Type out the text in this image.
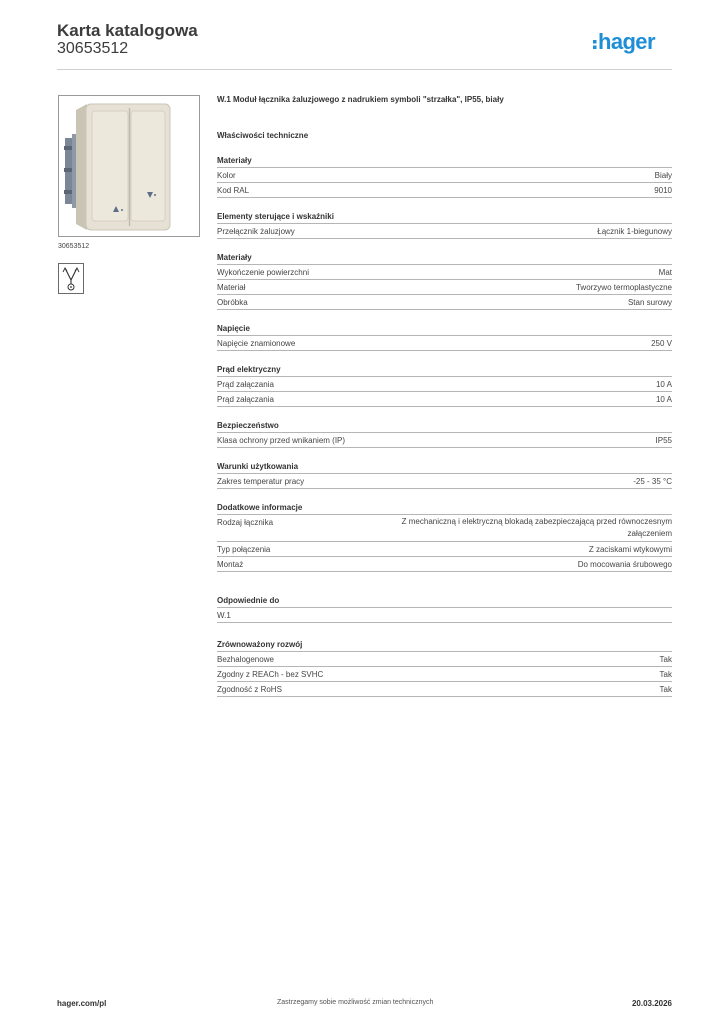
Karta katalogowa
30653512	hager
30653512
W.1 Moduł łącznika żaluzjowego z nadrukiem symboli "strzałka", IP55, biały
Właściwości techniczne
Materiały
Kolor	Biały
Kod RAL	9010
Elementy sterujące i wskaźniki
Przełącznik żaluzjowy	Łącznik 1-biegunowy
Materiały
Wykończenie powierzchni	Mat
Materiał	Tworzywo termoplastyczne
Obróbka	Stan surowy
Napięcie
Napięcie znamionowe	250 V
Prąd elektryczny
Prąd załączania	10 A
Prąd załączania	10 A
Bezpieczeństwo
Klasa ochrony przed wnikaniem (IP)	IP55
Warunki użytkowania
Zakres temperatur pracy	-25 - 35 °C
Dodatkowe informacje
Rodzaj łącznika	Z mechaniczną i elektryczną blokadą zabezpieczającą przed równoczesnym załączeniem
Typ połączenia	Z zaciskami wtykowymi
Montaż	Do mocowania śrubowego
Odpowiednie do
W.1
Zrównoważony rozwój
Bezhalogenowe	Tak
Zgodny z REACh - bez SVHC	Tak
Zgodność z RoHS	Tak
hager.com/pl	Zastrzegamy sobie możliwość zmian technicznych	20.03.2026
